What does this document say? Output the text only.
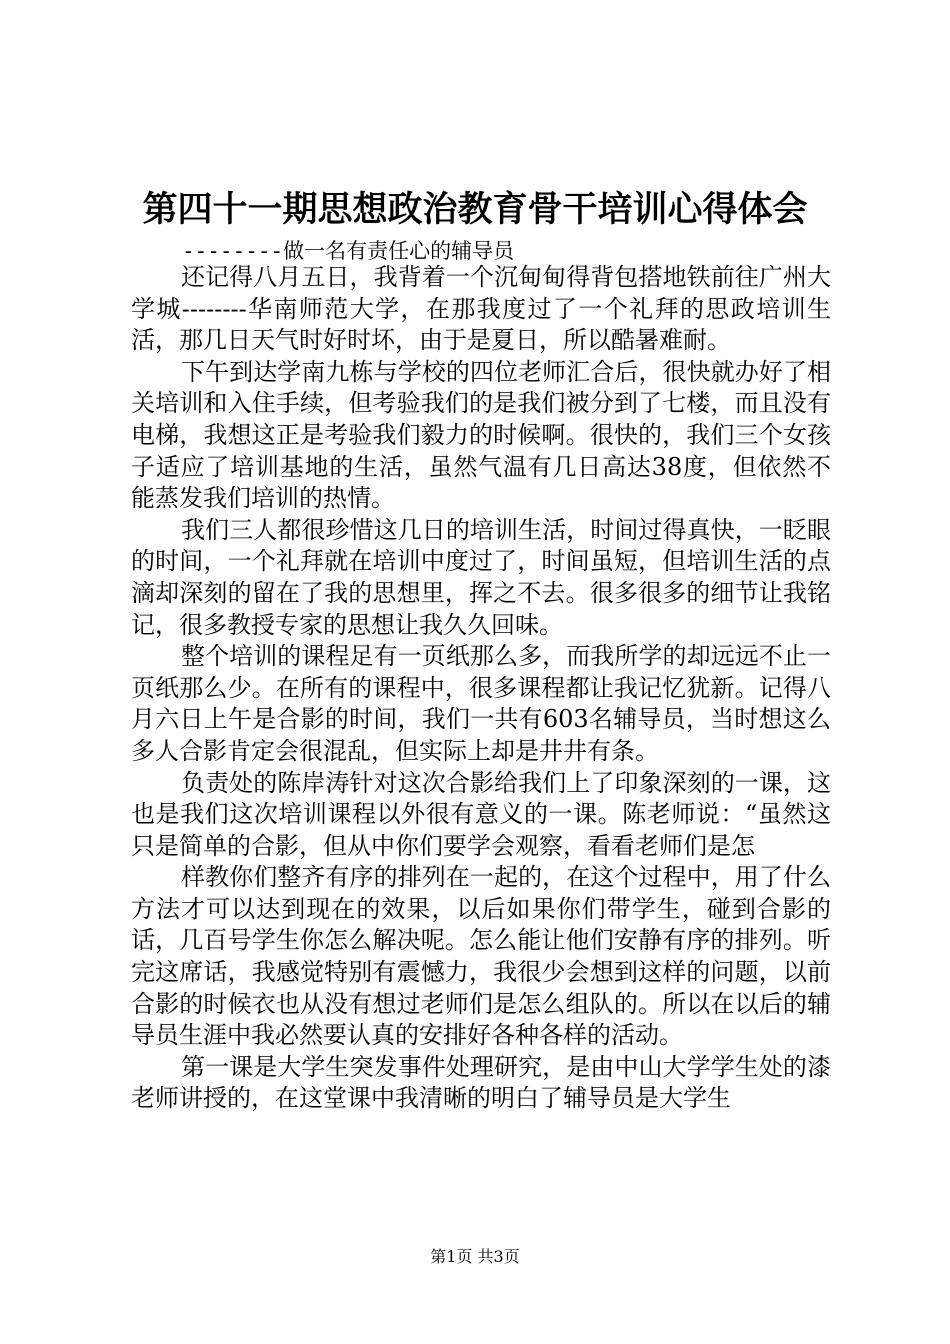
第四十一期思想政治教育骨干培训心得体会

--------做一名有责任心的辅导员

还记得八月五日，我背着一个沉甸甸得背包搭地铁前往广州大学城--------华南师范大学，在那我度过了一个礼拜的思政培训生活，那几日天气时好时坏，由于是夏日，所以酷暑难耐。

下午到达学南九栋与学校的四位老师汇合后，很快就办好了相关培训和入住手续，但考验我们的是我们被分到了七楼，而且没有电梯，我想这正是考验我们毅力的时候啊。很快的，我们三个女孩子适应了培训基地的生活，虽然气温有几日高达38度，但依然不能蒸发我们培训的热情。

我们三人都很珍惜这几日的培训生活，时间过得真快，一眨眼的时间，一个礼拜就在培训中度过了，时间虽短，但培训生活的点滴却深刻的留在了我的思想里，挥之不去。很多很多的细节让我铭记，很多教授专家的思想让我久久回味。

整个培训的课程足有一页纸那么多，而我所学的却远远不止一页纸那么少。在所有的课程中，很多课程都让我记忆犹新。记得八月六日上午是合影的时间，我们一共有603名辅导员，当时想这么多人合影肯定会很混乱，但实际上却是井井有条。

负责处的陈岸涛针对这次合影给我们上了印象深刻的一课，这也是我们这次培训课程以外很有意义的一课。陈老师说：“虽然这只是简单的合影，但从中你们要学会观察，看看老师们是怎

样教你们整齐有序的排列在一起的，在这个过程中，用了什么方法才可以达到现在的效果，以后如果你们带学生，碰到合影的话，几百号学生你怎么解决呢。怎么能让他们安静有序的排列。听完这席话，我感觉特别有震憾力，我很少会想到这样的问题，以前合影的时候衣也从没有想过老师们是怎么组队的。所以在以后的辅导员生涯中我必然要认真的安排好各种各样的活动。

第一课是大学生突发事件处理研究，是由中山大学学生处的漆老师讲授的，在这堂课中我清晰的明白了辅导员是大学生

第1页 共3页
